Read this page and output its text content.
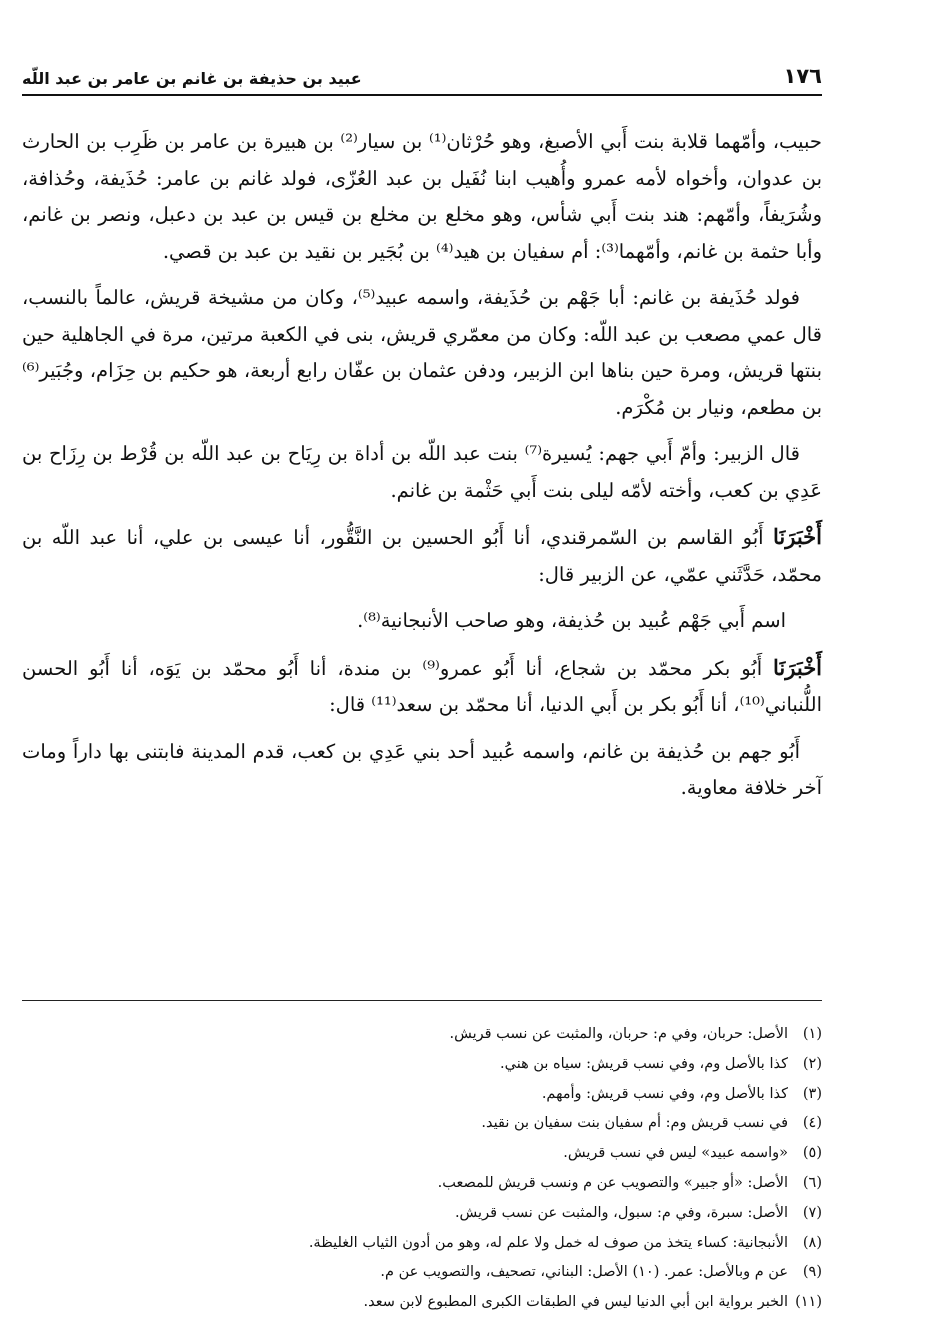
١٧٦
عبيد بن حذيفة بن غانم بن عامر بن عبد اللّه

حبيب، وأمّهما قلابة بنت أَبي الأصبغ، وهو حُرْثان⁽¹⁾ بن سيار⁽²⁾ بن هبيرة بن عامر بن ظَرِب بن الحارث بن عدوان، وأخواه لأمه عمرو وأُهيب ابنا نُفَيل بن عبد العُزّى، فولد غانم بن عامر: حُذَيفة، وحُذافة، وشُرَيفاً، وأمّهم: هند بنت أَبي شأس، وهو مخلع بن مخلع بن قيس بن عبد بن دعبل، ونصر بن غانم، وأبا حثمة بن غانم، وأمّهما⁽³⁾: أم سفيان بن هيد⁽⁴⁾ بن بُجَير بن نقيد بن عبد بن قصي.

فولد حُذَيفة بن غانم: أبا جَهْم بن حُذَيفة، واسمه عبيد⁽⁵⁾، وكان من مشيخة قريش، عالماً بالنسب، قال عمي مصعب بن عبد اللّه: وكان من معمّري قريش، بنى في الكعبة مرتين، مرة في الجاهلية حين بنتها قريش، ومرة حين بناها ابن الزبير، ودفن عثمان بن عفّان رابع أربعة، هو حكيم بن حِزَام، وجُبَير⁽⁶⁾ بن مطعم، ونيار بن مُكْرَم.

قال الزبير: وأمّ أَبي جهم: يُسيرة⁽⁷⁾ بنت عبد اللّه بن أداة بن رِيَاح بن عبد اللّه بن قُرْط بن رِزَاح بن عَدِي بن كعب، وأخته لأمّه ليلى بنت أَبي حَثْمة بن غانم.

أَخْبَرَنَا أَبُو القاسم بن السّمرقندي، أنا أَبُو الحسين بن النَّقُّور، أنا عيسى بن علي، أنا عبد اللّه بن محمّد، حَدَّثَني عمّي، عن الزبير قال:

اسم أَبي جَهْم عُبيد بن حُذيفة، وهو صاحب الأنبجانية⁽⁸⁾.

أَخْبَرَنَا أَبُو بكر محمّد بن شجاع، أنا أَبُو عمرو⁽⁹⁾ بن مندة، أنا أَبُو محمّد بن يَوَه، أنا أَبُو الحسن اللُّنباني⁽¹⁰⁾، أنا أَبُو بكر بن أَبي الدنيا، أنا محمّد بن سعد⁽¹¹⁾ قال:

أَبُو جهم بن حُذيفة بن غانم، واسمه عُبيد أحد بني عَدِي بن كعب، قدم المدينة فابتنى بها داراً ومات آخر خلافة معاوية.

(١)
الأصل: حربان، وفي م: حربان، والمثبت عن نسب قريش.
(٢)
كذا بالأصل وم، وفي نسب قريش: سياه بن هني.
(٣)
كذا بالأصل وم، وفي نسب قريش: وأمهم.
(٤)
في نسب قريش وم: أم سفيان بنت سفيان بن نقيد.
(٥)
«واسمه عبيد» ليس في نسب قريش.
(٦)
الأصل: «أو جبير» والتصويب عن م ونسب قريش للمصعب.
(٧)
الأصل: سبرة، وفي م: سبول، والمثبت عن نسب قريش.
(٨)
الأنبجانية: كساء يتخذ من صوف له خمل ولا علم له، وهو من أدون الثياب الغليظة.
(٩)
عن م وبالأصل: عمر. (١٠) الأصل: البناني، تصحيف، والتصويب عن م.
(١١)
الخبر برواية ابن أبي الدنيا ليس في الطبقات الكبرى المطبوع لابن سعد.
